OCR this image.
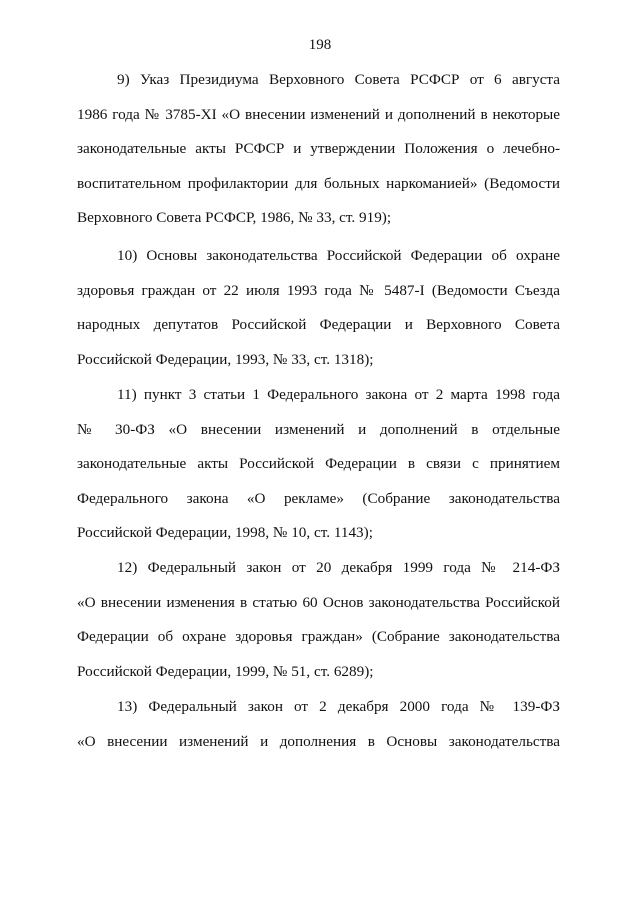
198

9) Указ Президиума Верховного Совета РСФСР от 6 августа
1986 года № 3785-XI «О внесении изменений и дополнений в некоторые законодательные акты РСФСР и утверждении Положения о лечебно-воспитательном профилактории для больных наркоманией» (Ведомости Верховного Совета РСФСР, 1986, № 33, ст. 919);

10) Основы законодательства Российской Федерации об охране
здоровья граждан от 22 июля 1993 года № 5487-I (Ведомости Съезда народных депутатов Российской Федерации и Верховного Совета Российской Федерации, 1993, № 33, ст. 1318);

11) пункт 3 статьи 1 Федерального закона от 2 марта 1998 года
№ 30-ФЗ «О внесении изменений и дополнений в отдельные законодательные акты Российской Федерации в связи с принятием Федерального закона «О рекламе» (Собрание законодательства Российской Федерации, 1998, № 10, ст. 1143);

12) Федеральный закон от 20 декабря 1999 года № 214-ФЗ
«О внесении изменения в статью 60 Основ законодательства Российской Федерации об охране здоровья граждан» (Собрание законодательства Российской Федерации, 1999, № 51, ст. 6289);

13) Федеральный закон от 2 декабря 2000 года № 139-ФЗ
«О внесении изменений и дополнения в Основы законодательства
